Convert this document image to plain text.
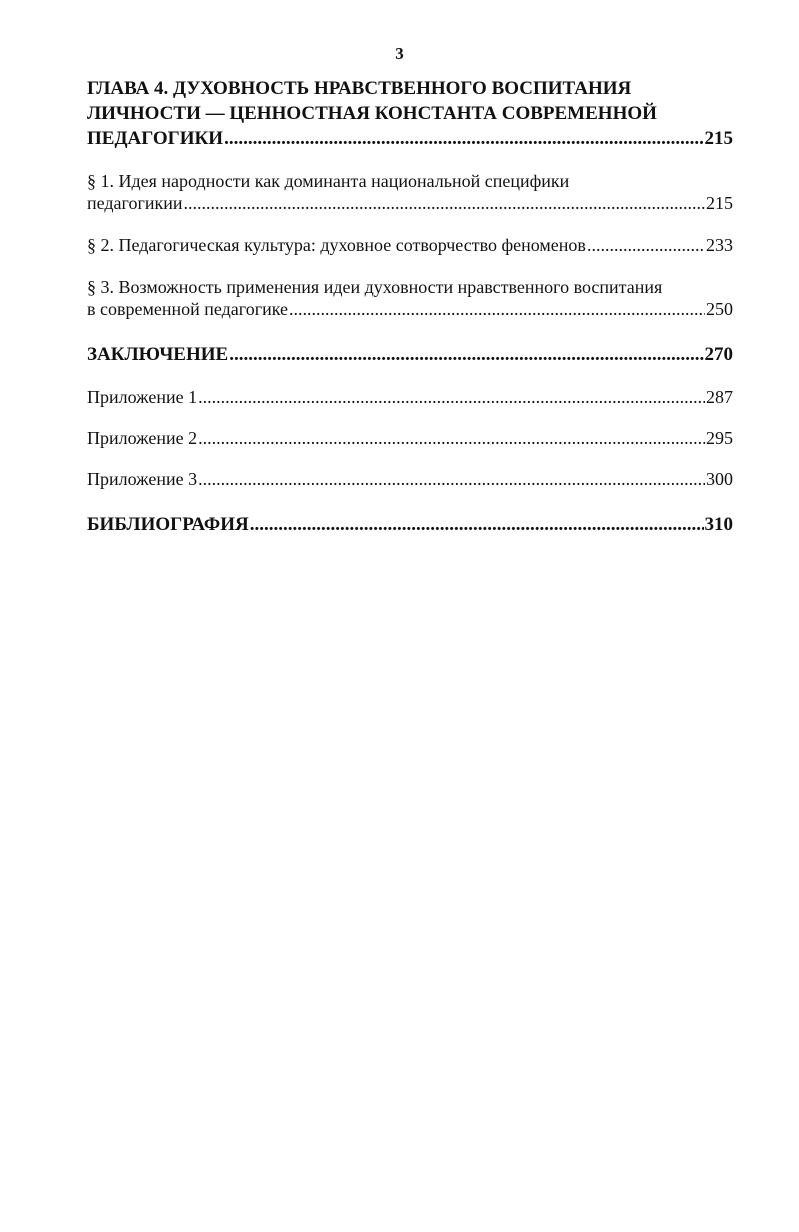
3
ГЛАВА 4. ДУХОВНОСТЬ НРАВСТВЕННОГО ВОСПИТАНИЯ
ЛИЧНОСТИ — ЦЕННОСТНАЯ КОНСТАНТА СОВРЕМЕННОЙ
ПЕДАГОГИКИ .....	215
§ 1. Идея народности как доминанта национальной специфики
педагогикии .....	215
§ 2. Педагогическая культура: духовное сотворчество феноменов .....	233
§ 3. Возможность применения идеи духовности нравственного воспитания
в современной педагогике .....	250
ЗАКЛЮЧЕНИЕ .....	270
Приложение 1 .....	287
Приложение 2 .....	295
Приложение 3 .....	300
БИБЛИОГРАФИЯ .....	310
